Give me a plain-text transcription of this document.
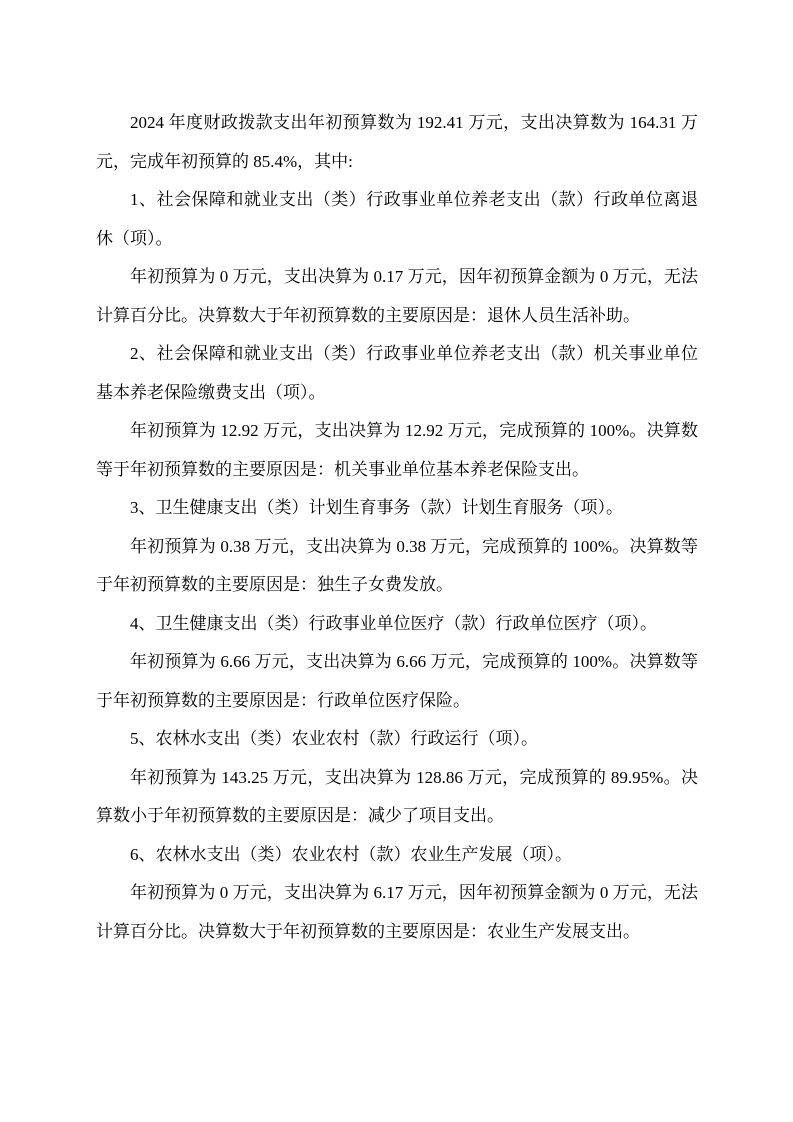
2024 年度财政拨款支出年初预算数为 192.41 万元，支出决算数为 164.31 万元，完成年初预算的 85.4%，其中:

1、社会保障和就业支出（类）行政事业单位养老支出（款）行政单位离退休（项）。

年初预算为 0 万元，支出决算为 0.17 万元，因年初预算金额为 0 万元，无法计算百分比。决算数大于年初预算数的主要原因是：退休人员生活补助。

2、社会保障和就业支出（类）行政事业单位养老支出（款）机关事业单位基本养老保险缴费支出（项）。

年初预算为 12.92 万元，支出决算为 12.92 万元，完成预算的 100%。决算数等于年初预算数的主要原因是：机关事业单位基本养老保险支出。

3、卫生健康支出（类）计划生育事务（款）计划生育服务（项）。

年初预算为 0.38 万元，支出决算为 0.38 万元，完成预算的 100%。决算数等于年初预算数的主要原因是：独生子女费发放。

4、卫生健康支出（类）行政事业单位医疗（款）行政单位医疗（项）。

年初预算为 6.66 万元，支出决算为 6.66 万元，完成预算的 100%。决算数等于年初预算数的主要原因是：行政单位医疗保险。

5、农林水支出（类）农业农村（款）行政运行（项）。

年初预算为 143.25 万元，支出决算为 128.86 万元，完成预算的 89.95%。决算数小于年初预算数的主要原因是：减少了项目支出。

6、农林水支出（类）农业农村（款）农业生产发展（项）。

年初预算为 0 万元，支出决算为 6.17 万元，因年初预算金额为 0 万元，无法计算百分比。决算数大于年初预算数的主要原因是：农业生产发展支出。
